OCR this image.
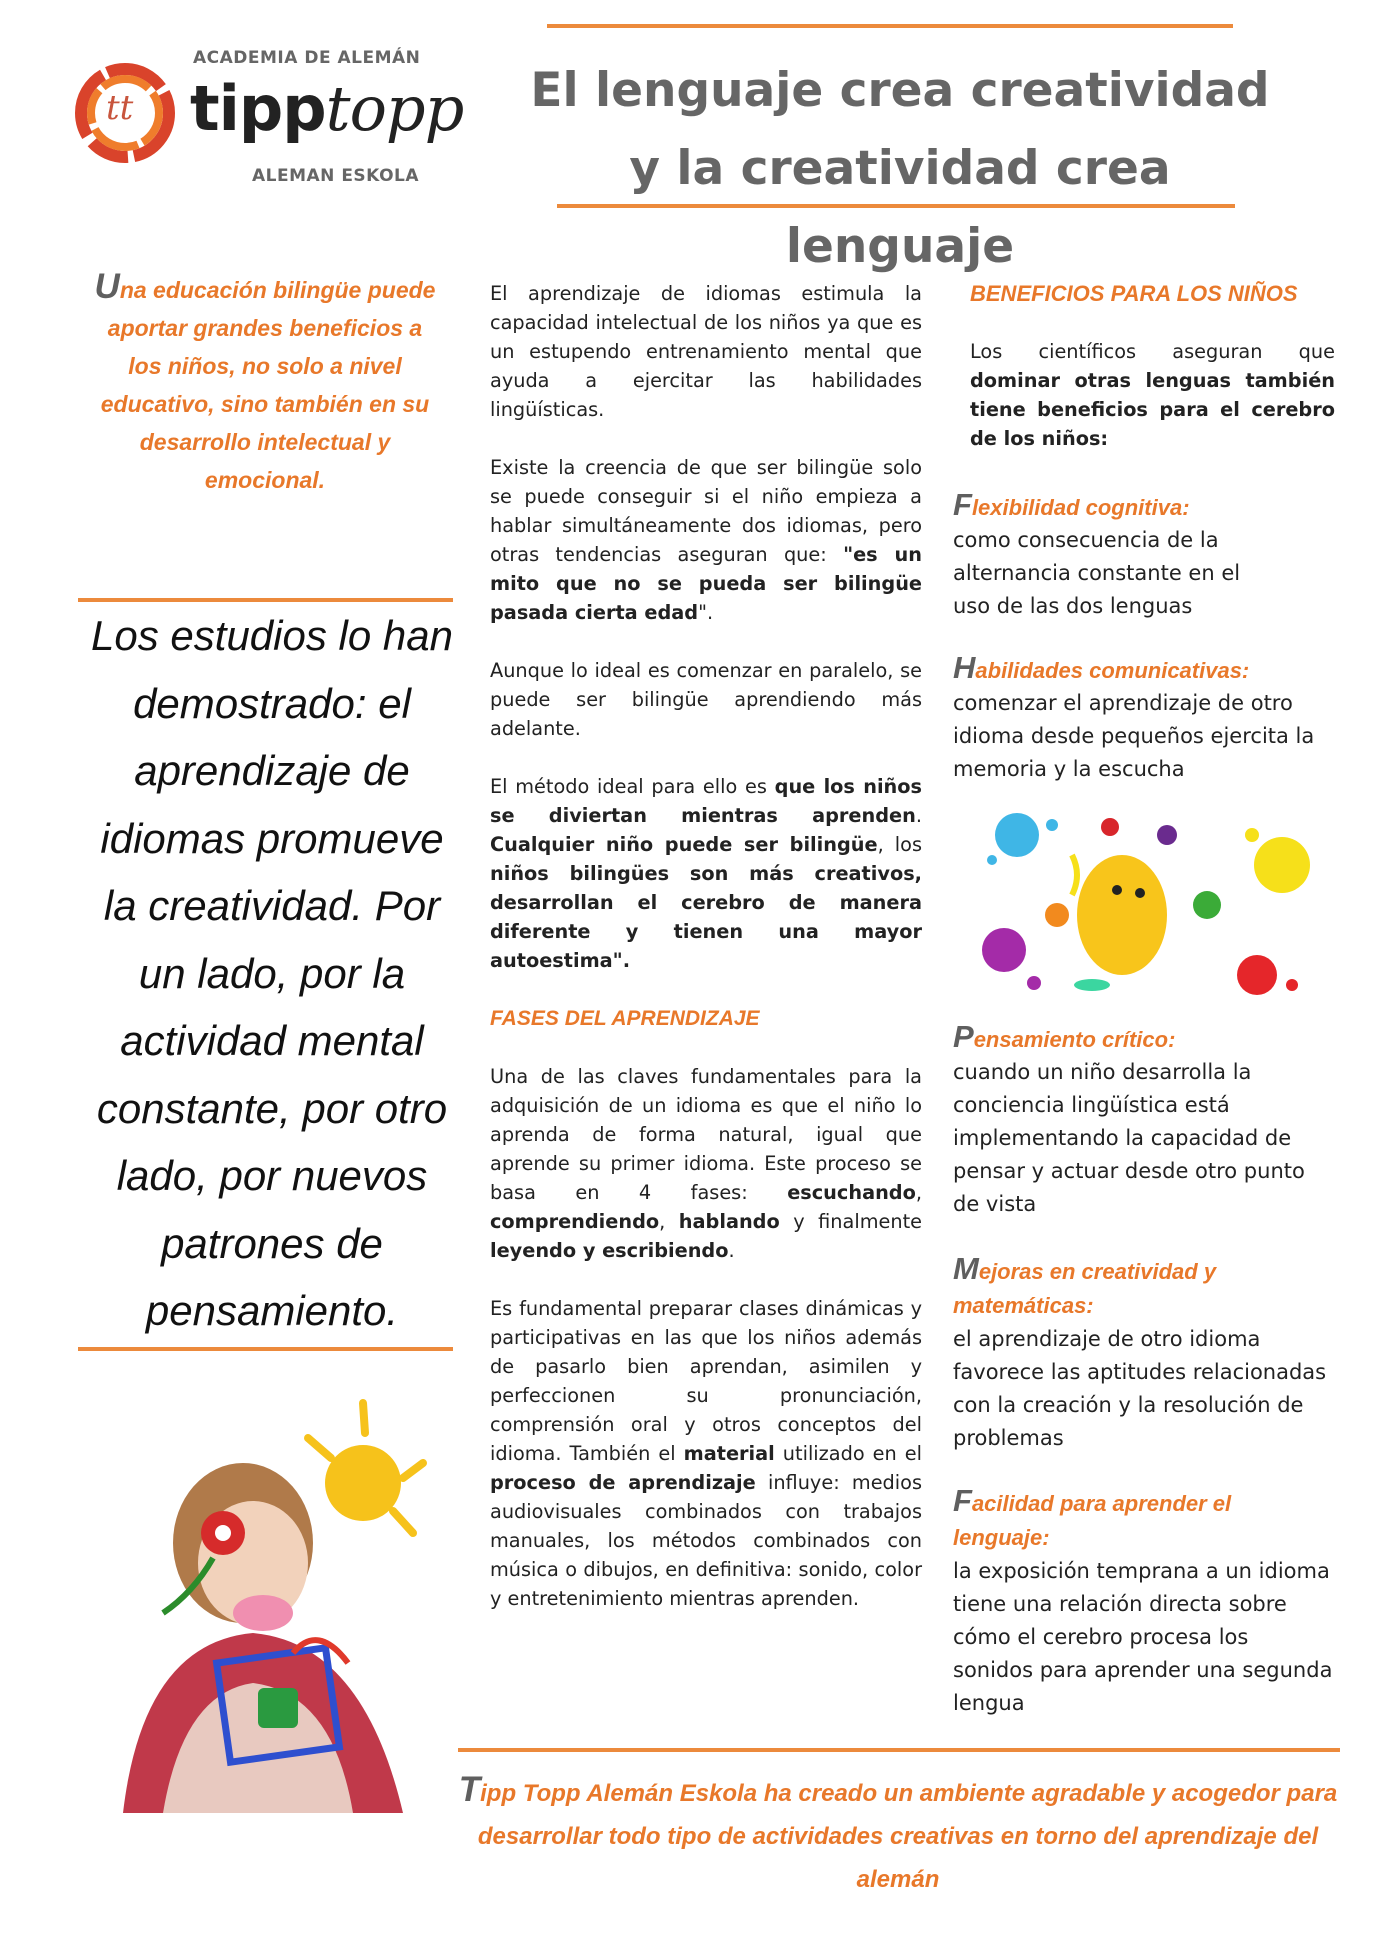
tt
ACADEMIA DE ALEMÁN
tipptopp
ALEMAN ESKOLA
El lenguaje crea creatividad
y la creatividad crea lenguaje
Una educación bilingüe puede aportar grandes beneficios a los niños, no solo a nivel educativo, sino también en su desarrollo intelectual y emocional.
Los estudios lo han demostrado: el aprendizaje de idiomas promueve la creatividad. Por un lado, por la actividad mental constante, por otro lado, por nuevos patrones de pensamiento.

El aprendizaje de idiomas estimula la capacidad intelectual de los niños ya que es un estupendo entrenamiento mental que ayuda a ejercitar las habilidades lingüísticas.

Existe la creencia de que ser bilingüe solo se puede conseguir si el niño empieza a hablar simultáneamente dos idiomas, pero otras tendencias aseguran que: "es un mito que no se pueda ser bilingüe pasada cierta edad".

Aunque lo ideal es comenzar en paralelo, se puede ser bilingüe aprendiendo más adelante.

El método ideal para ello es que los niños se diviertan mientras aprenden. Cualquier niño puede ser bilingüe, los niños bilingües son más creativos, desarrollan el cerebro de manera diferente y tienen una mayor autoestima".

FASES DEL APRENDIZAJE

Una de las claves fundamentales para la adquisición de un idioma es que el niño lo aprenda de forma natural, igual que aprende su primer idioma. Este proceso se basa en 4 fases: escuchando, comprendiendo, hablando y finalmente leyendo y escribiendo.

Es fundamental preparar clases dinámicas y participativas en las que los niños además de pasarlo bien aprendan, asimilen y perfeccionen su pronunciación, comprensión oral y otros conceptos del idioma. También el material utilizado en el proceso de aprendizaje influye: medios audiovisuales combinados con trabajos manuales, los métodos combinados con música o dibujos, en definitiva: sonido, color y entretenimiento mientras aprenden.

BENEFICIOS PARA LOS NIÑOS

Los científicos aseguran que dominar otras lenguas también tiene beneficios para el cerebro de los niños:

Flexibilidad cognitiva:
como consecuencia de la alternancia constante en el uso de las dos lenguas
Habilidades comunicativas:
comenzar el aprendizaje de otro idioma desde pequeños ejercita la memoria y la escucha
Pensamiento crítico:
cuando un niño desarrolla la conciencia lingüística está implementando la capacidad de pensar y actuar desde otro punto de vista
Mejoras en creatividad y matemáticas:
el aprendizaje de otro idioma favorece las aptitudes relacionadas con la creación y la resolución de problemas
Facilidad para aprender el lenguaje:
la exposición temprana a un idioma tiene una relación directa sobre cómo el cerebro procesa los sonidos para aprender una segunda lengua
Tipp Topp Alemán Eskola ha creado un ambiente agradable y acogedor para desarrollar todo tipo de actividades creativas en torno del aprendizaje del alemán
